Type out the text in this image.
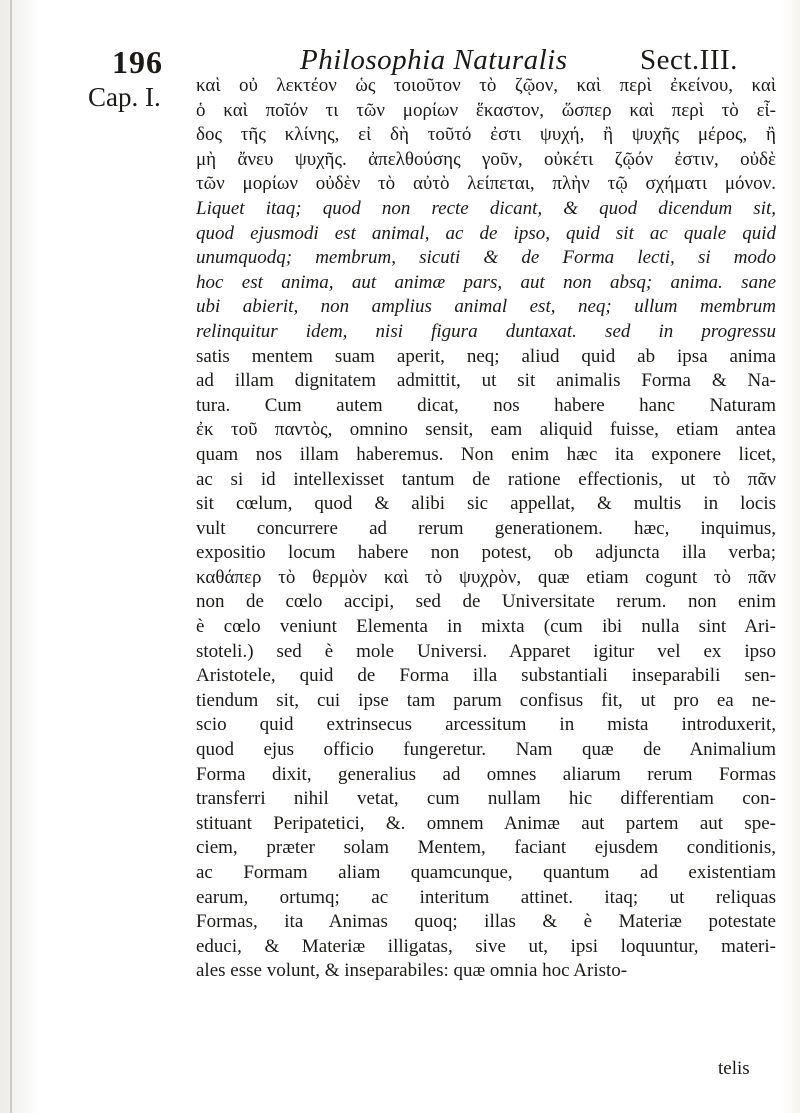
196	Philosophia Naturalis Sect.III.
Cap. I. καὶ οὐ λεκτέον ὡς τοιοῦτον τὸ ζῷον, καὶ περὶ ἐκείνου, καὶ
ὁ καὶ ποῖόν τι τῶν μορίων ἕκαστον, ὥσπερ καὶ περὶ τὸ εἶ-
δος τῆς κλίνης, εἰ δὴ τοῦτό ἐστι ψυχή, ἢ ψυχῆς μέρος, ἢ
μὴ ἄνευ ψυχῆς. ἀπελθούσης γοῦν, οὐκέτι ζῷόν ἐστιν, οὐδὲ
τῶν μορίων οὐδὲν τὸ αὐτὸ λείπεται, πλὴν τῷ σχήματι μόνον.
Liquet itaq; quod non recte dicant, & quod dicendum sit,
quod ejusmodi est animal, ac de ipso, quid sit ac quale quid
unumquodq; membrum, sicuti & de Forma lecti, si modo
hoc est anima, aut animæ pars, aut non absq; anima. sane
ubi abierit, non amplius animal est, neq; ullum membrum
relinquitur idem, nisi figura duntaxat. sed in progressu
satis mentem suam aperit, neq; aliud quid ab ipsa anima
ad illam dignitatem admittit, ut sit animalis Forma & Na-
tura. Cum autem dicat, nos habere hanc Naturam
ἐκ τοῦ παντὸς, omnino sensit, eam aliquid fuisse, etiam antea
quam nos illam haberemus. Non enim hæc ita exponere licet,
ac si id intellexisset tantum de ratione effectionis, ut τὸ πᾶν
sit cœlum, quod & alibi sic appellat, & multis in locis
vult concurrere ad rerum generationem. hæc, inquimus,
expositio locum habere non potest, ob adjuncta illa verba;
καθάπερ τὸ θερμὸν καὶ τὸ ψυχρὸν, quæ etiam cogunt τὸ πᾶν
non de cœlo accipi, sed de Universitate rerum. non enim
è cœlo veniunt Elementa in mixta (cum ibi nulla sint Ari-
stoteli.) sed è mole Universi. Apparet igitur vel ex ipso
Aristotele, quid de Forma illa substantiali inseparabili sen-
tiendum sit, cui ipse tam parum confisus fit, ut pro ea ne-
scio quid extrinsecus arcessitum in mista introduxerit,
quod ejus officio fungeretur. Nam quæ de Animalium
Forma dixit, generalius ad omnes aliarum rerum Formas
transferri nihil vetat, cum nullam hic differentiam con-
stituant Peripatetici, &. omnem Animæ aut partem aut spe-
ciem, præter solam Mentem, faciant ejusdem conditionis,
ac Formam aliam quamcunque, quantum ad existentiam
earum, ortumq; ac interitum attinet. itaq; ut reliquas
Formas, ita Animas quoq; illas & è Materiæ potestate
educi, & Materiæ illigatas, sive ut, ipsi loquuntur, materi-
ales esse volunt, & inseparabiles: quæ omnia hoc Aristo-
telis
